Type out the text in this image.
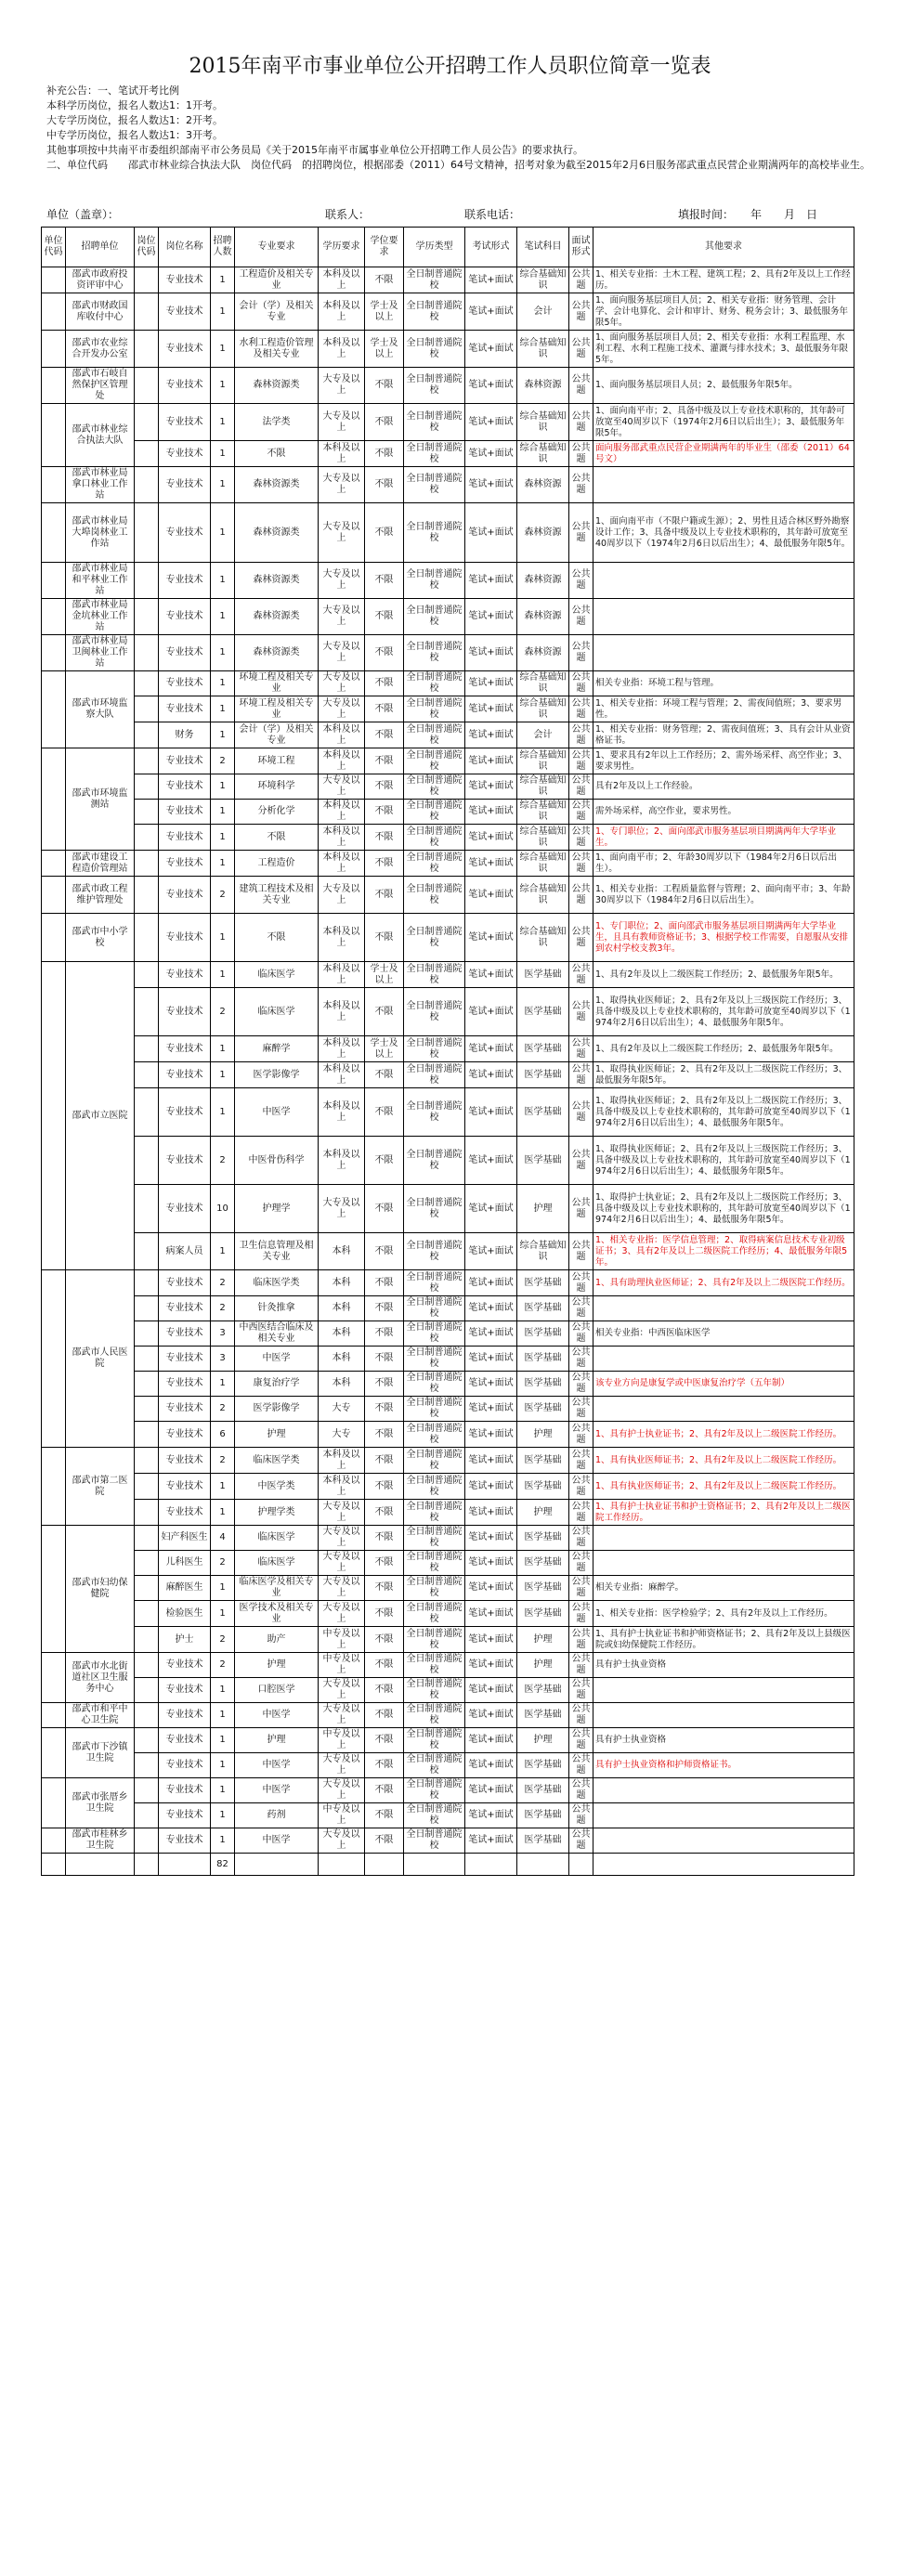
2015年南平市事业单位公开招聘工作人员职位简章一览表
补充公告：一、笔试开考比例
本科学历岗位，报名人数达1：1开考。
大专学历岗位，报名人数达1：2开考。
中专学历岗位，报名人数达1：3开考。
其他事项按中共南平市委组织部南平市公务员局《关于2015年南平市属事业单位公开招聘工作人员公告》的要求执行。
二、单位代码　　邵武市林业综合执法大队　岗位代码　的招聘岗位，根据邵委（2011）64号文精神，招考对象为截至2015年2月6日服务邵武重点民营企业期满两年的高校毕业生。
单位（盖章）：	联系人：	联系电话：	填报时间：　　年　　月　日
单位代码	招聘单位	岗位代码	岗位名称	招聘人数	专业要求	学历要求	学位要求	学历类型	考试形式	笔试科目	面试形式	其他要求
	邵武市政府投资评审中心		专业技术	1	工程造价及相关专业	本科及以上	不限	全日制普通院校	笔试+面试	综合基础知识	公共题	1、相关专业指：土木工程、建筑工程；2、具有2年及以上工作经历。
	邵武市财政国库收付中心		专业技术	1	会计（学）及相关专业	本科及以上	学士及以上	全日制普通院校	笔试+面试	会计	公共题	1、面向服务基层项目人员；2、相关专业指：财务管理、会计学、会计电算化、会计和审计、财务、税务会计；3、最低服务年限5年。
	邵武市农业综合开发办公室		专业技术	1	水利工程造价管理及相关专业	本科及以上	学士及以上	全日制普通院校	笔试+面试	综合基础知识	公共题	1、面向服务基层项目人员；2、相关专业指：水利工程监理、水利工程、水利工程施工技术、灌溉与排水技术；3、最低服务年限5年。
	邵武市石岐自然保护区管理处		专业技术	1	森林资源类	大专及以上	不限	全日制普通院校	笔试+面试	森林资源	公共题	1、面向服务基层项目人员；2、最低服务年限5年。
	邵武市林业综合执法大队		专业技术	1	法学类	大专及以上	不限	全日制普通院校	笔试+面试	综合基础知识	公共题	1、面向南平市；2、具备中级及以上专业技术职称的，其年龄可放宽至40周岁以下（1974年2月6日以后出生）；3、最低服务年限5年。
			专业技术	1	不限	本科及以上	不限	全日制普通院校	笔试+面试	综合基础知识	公共题	面向服务邵武重点民营企业期满两年的毕业生（邵委（2011）64号文）
	邵武市林业局拿口林业工作站		专业技术	1	森林资源类	大专及以上	不限	全日制普通院校	笔试+面试	森林资源	公共题	
	邵武市林业局大埠岗林业工作站		专业技术	1	森林资源类	大专及以上	不限	全日制普通院校	笔试+面试	森林资源	公共题	1、面向南平市（不限户籍或生源）；2、男性且适合林区野外勘察设计工作；3、具备中级及以上专业技术职称的，其年龄可放宽至40周岁以下（1974年2月6日以后出生）；4、最低服务年限5年。
	邵武市林业局和平林业工作站		专业技术	1	森林资源类	大专及以上	不限	全日制普通院校	笔试+面试	森林资源	公共题	
	邵武市林业局金坑林业工作站		专业技术	1	森林资源类	大专及以上	不限	全日制普通院校	笔试+面试	森林资源	公共题	
	邵武市林业局卫闽林业工作站		专业技术	1	森林资源类	大专及以上	不限	全日制普通院校	笔试+面试	森林资源	公共题	
	邵武市环境监察大队		专业技术	1	环境工程及相关专业	大专及以上	不限	全日制普通院校	笔试+面试	综合基础知识	公共题	相关专业指：环境工程与管理。
			专业技术	1	环境工程及相关专业	大专及以上	不限	全日制普通院校	笔试+面试	综合基础知识	公共题	1、相关专业指：环境工程与管理；2、需夜间值班；3、要求男性。
			财务	1	会计（学）及相关专业	本科及以上	不限	全日制普通院校	笔试+面试	会计	公共题	1、相关专业指：财务管理；2、需夜间值班；3、具有会计从业资格证书。
	邵武市环境监测站		专业技术	2	环境工程	本科及以上	不限	全日制普通院校	笔试+面试	综合基础知识	公共题	1、要求具有2年以上工作经历；2、需外场采样、高空作业；3、要求男性。
			专业技术	1	环境科学	大专及以上	不限	全日制普通院校	笔试+面试	综合基础知识	公共题	具有2年及以上工作经验。
			专业技术	1	分析化学	本科及以上	不限	全日制普通院校	笔试+面试	综合基础知识	公共题	需外场采样，高空作业，要求男性。
			专业技术	1	不限	本科及以上	不限	全日制普通院校	笔试+面试	综合基础知识	公共题	1、专门职位；2、面向邵武市服务基层项目期满两年大学毕业生。
	邵武市建设工程造价管理站		专业技术	1	工程造价	本科及以上	不限	全日制普通院校	笔试+面试	综合基础知识	公共题	1、面向南平市；2、年龄30周岁以下（1984年2月6日以后出生）。
	邵武市政工程维护管理处		专业技术	2	建筑工程技术及相关专业	大专及以上	不限	全日制普通院校	笔试+面试	综合基础知识	公共题	1、相关专业指：工程质量监督与管理；2、面向南平市；3、年龄30周岁以下（1984年2月6日以后出生）。
	邵武市中小学校		专业技术	1	不限	本科及以上	不限	全日制普通院校	笔试+面试	综合基础知识	公共题	1、专门职位；2、面向邵武市服务基层项目期满两年大学毕业生，且具有教师资格证书；3、根据学校工作需要，自愿服从安排到农村学校支教3年。
	邵武市立医院		专业技术	1	临床医学	本科及以上	学士及以上	全日制普通院校	笔试+面试	医学基础	公共题	1、具有2年及以上二级医院工作经历；2、最低服务年限5年。
			专业技术	2	临床医学	本科及以上	不限	全日制普通院校	笔试+面试	医学基础	公共题	1、取得执业医师证；2、具有2年及以上三级医院工作经历；3、具备中级及以上专业技术职称的，其年龄可放宽至40周岁以下（1974年2月6日以后出生）；4、最低服务年限5年。
			专业技术	1	麻醉学	本科及以上	学士及以上	全日制普通院校	笔试+面试	医学基础	公共题	1、具有2年及以上二级医院工作经历；2、最低服务年限5年。
			专业技术	1	医学影像学	本科及以上	不限	全日制普通院校	笔试+面试	医学基础	公共题	1、取得执业医师证；2、具有2年及以上二级医院工作经历；3、最低服务年限5年。
			专业技术	1	中医学	本科及以上	不限	全日制普通院校	笔试+面试	医学基础	公共题	1、取得执业医师证；2、具有2年及以上二级医院工作经历；3、具备中级及以上专业技术职称的，其年龄可放宽至40周岁以下（1974年2月6日以后出生）；4、最低服务年限5年。
			专业技术	2	中医骨伤科学	本科及以上	不限	全日制普通院校	笔试+面试	医学基础	公共题	1、取得执业医师证；2、具有2年及以上三级医院工作经历；3、具备中级及以上专业技术职称的，其年龄可放宽至40周岁以下（1974年2月6日以后出生）；4、最低服务年限5年。
			专业技术	10	护理学	大专及以上	不限	全日制普通院校	笔试+面试	护理	公共题	1、取得护士执业证；2、具有2年及以上二级医院工作经历；3、具备中级及以上专业技术职称的，其年龄可放宽至40周岁以下（1974年2月6日以后出生）；4、最低服务年限5年。
			病案人员	1	卫生信息管理及相关专业	本科	不限	全日制普通院校	笔试+面试	综合基础知识	公共题	1、相关专业指：医学信息管理；2、取得病案信息技术专业初级证书；3、具有2年及以上二级医院工作经历；4、最低服务年限5年。
	邵武市人民医院		专业技术	2	临床医学类	本科	不限	全日制普通院校	笔试+面试	医学基础	公共题	1、具有助理执业医师证；2、具有2年及以上二级医院工作经历。
			专业技术	2	针灸推拿	本科	不限	全日制普通院校	笔试+面试	医学基础	公共题	
			专业技术	3	中西医结合临床及相关专业	本科	不限	全日制普通院校	笔试+面试	医学基础	公共题	相关专业指：中西医临床医学
			专业技术	3	中医学	本科	不限	全日制普通院校	笔试+面试	医学基础	公共题	
			专业技术	1	康复治疗学	本科	不限	全日制普通院校	笔试+面试	医学基础	公共题	该专业方向是康复学或中医康复治疗学（五年制）
			专业技术	2	医学影像学	大专	不限	全日制普通院校	笔试+面试	医学基础	公共题	
			专业技术	6	护理	大专	不限	全日制普通院校	笔试+面试	护理	公共题	1、具有护士执业证书；2、具有2年及以上二级医院工作经历。
	邵武市第二医院		专业技术	2	临床医学类	本科及以上	不限	全日制普通院校	笔试+面试	医学基础	公共题	1、具有执业医师证书；2、具有2年及以上二级医院工作经历。
			专业技术	1	中医学类	本科及以上	不限	全日制普通院校	笔试+面试	医学基础	公共题	1、具有执业医师证书；2、具有2年及以上二级医院工作经历。
			专业技术	1	护理学类	大专及以上	不限	全日制普通院校	笔试+面试	护理	公共题	1、具有护士执业证书和护士资格证书；2、具有2年及以上二级医院工作经历。
	邵武市妇幼保健院		妇产科医生	4	临床医学	大专及以上	不限	全日制普通院校	笔试+面试	医学基础	公共题	
			儿科医生	2	临床医学	大专及以上	不限	全日制普通院校	笔试+面试	医学基础	公共题	
			麻醉医生	1	临床医学及相关专业	大专及以上	不限	全日制普通院校	笔试+面试	医学基础	公共题	相关专业指：麻醉学。
			检验医生	1	医学技术及相关专业	大专及以上	不限	全日制普通院校	笔试+面试	医学基础	公共题	1、相关专业指：医学检验学；2、具有2年及以上工作经历。
			护士	2	助产	中专及以上	不限	全日制普通院校	笔试+面试	护理	公共题	1、具有护士执业证书和护师资格证书；2、具有2年及以上县级医院或妇幼保健院工作经历。
	邵武市水北街道社区卫生服务中心		专业技术	2	护理	中专及以上	不限	全日制普通院校	笔试+面试	护理	公共题	具有护士执业资格
			专业技术	1	口腔医学	大专及以上	不限	全日制普通院校	笔试+面试	医学基础	公共题	
	邵武市和平中心卫生院		专业技术	1	中医学	大专及以上	不限	全日制普通院校	笔试+面试	医学基础	公共题	
	邵武市下沙镇卫生院		专业技术	1	护理	中专及以上	不限	全日制普通院校	笔试+面试	护理	公共题	具有护士执业资格
			专业技术	1	中医学	大专及以上	不限	全日制普通院校	笔试+面试	医学基础	公共题	具有护士执业资格和护师资格证书。
	邵武市张厝乡卫生院		专业技术	1	中医学	大专及以上	不限	全日制普通院校	笔试+面试	医学基础	公共题	
			专业技术	1	药剂	中专及以上	不限	全日制普通院校	笔试+面试	医学基础	公共题	
	邵武市桂林乡卫生院		专业技术	1	中医学	大专及以上	不限	全日制普通院校	笔试+面试	医学基础	公共题	
				82								
